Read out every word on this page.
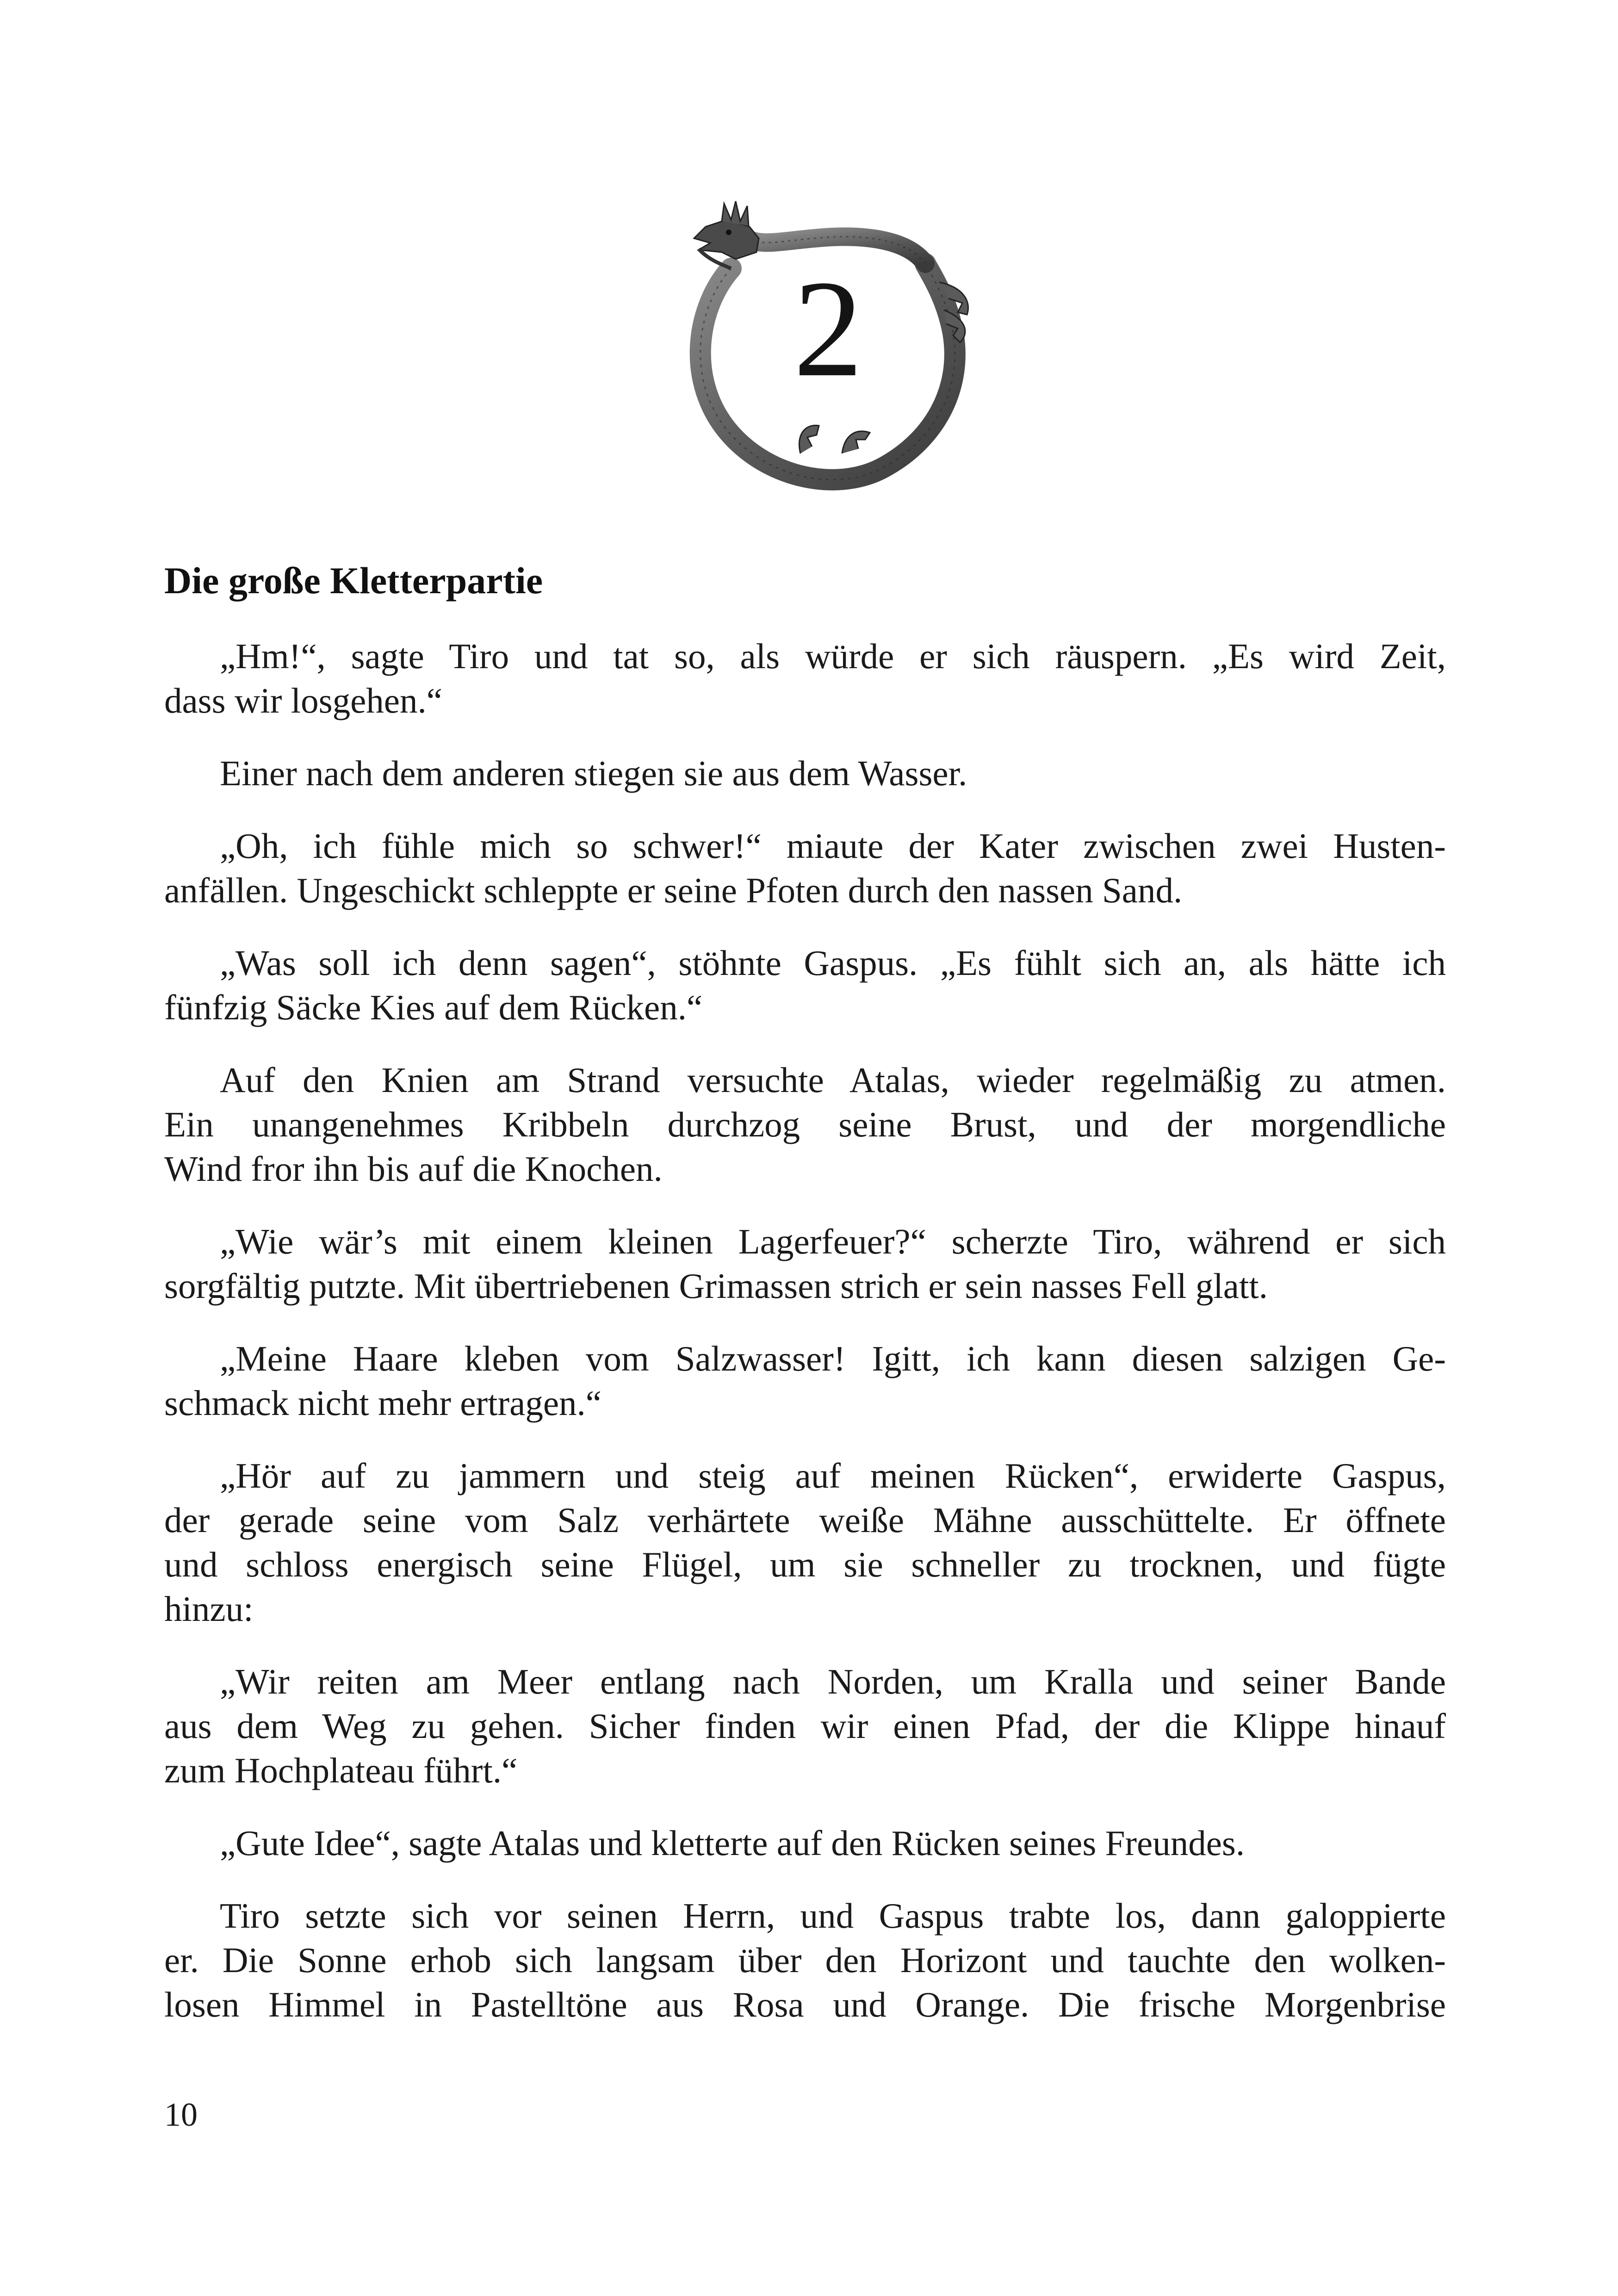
2
Die große Kletterpartie

„Hm!“, sagte Tiro und tat so, als würde er sich räuspern. „Es wird Zeit,
dass wir losgehen.“

Einer nach dem anderen stiegen sie aus dem Wasser.

„Oh, ich fühle mich so schwer!“ miaute der Kater zwischen zwei Husten-
anfällen. Ungeschickt schleppte er seine Pfoten durch den nassen Sand.

„Was soll ich denn sagen“, stöhnte Gaspus. „Es fühlt sich an, als hätte ich
fünfzig Säcke Kies auf dem Rücken.“

Auf den Knien am Strand versuchte Atalas, wieder regelmäßig zu atmen.
Ein unangenehmes Kribbeln durchzog seine Brust, und der morgendliche
Wind fror ihn bis auf die Knochen.

„Wie wär’s mit einem kleinen Lagerfeuer?“ scherzte Tiro, während er sich
sorgfältig putzte. Mit übertriebenen Grimassen strich er sein nasses Fell glatt.

„Meine Haare kleben vom Salzwasser! Igitt, ich kann diesen salzigen Ge-
schmack nicht mehr ertragen.“

„Hör auf zu jammern und steig auf meinen Rücken“, erwiderte Gaspus,
der gerade seine vom Salz verhärtete weiße Mähne ausschüttelte. Er öffnete
und schloss energisch seine Flügel, um sie schneller zu trocknen, und fügte
hinzu:

„Wir reiten am Meer entlang nach Norden, um Kralla und seiner Bande
aus dem Weg zu gehen. Sicher finden wir einen Pfad, der die Klippe hinauf
zum Hochplateau führt.“

„Gute Idee“, sagte Atalas und kletterte auf den Rücken seines Freundes.

Tiro setzte sich vor seinen Herrn, und Gaspus trabte los, dann galoppierte
er. Die Sonne erhob sich langsam über den Horizont und tauchte den wolken-
losen Himmel in Pastelltöne aus Rosa und Orange. Die frische Morgenbrise

10
